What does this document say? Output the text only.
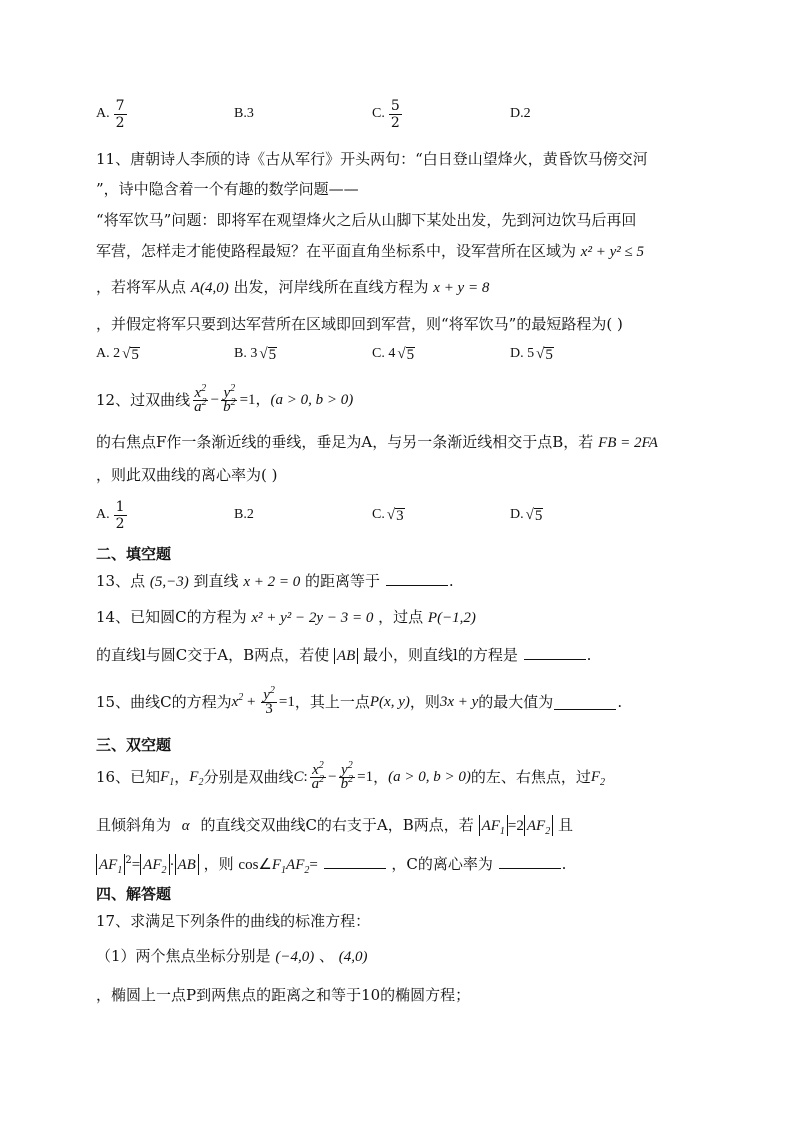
A. $\frac{7}{2}$	B.3	C. $\frac{5}{2}$	D.2
11、唐朝诗人李颀的诗《古从军行》开头两句：“白日登山望烽火，黄昏饮马傍交河
”，诗中隐含着一个有趣的数学问题——
“将军饮马”问题：即将军在观望烽火之后从山脚下某处出发，先到河边饮马后再回
军营，怎样走才能使路程最短？在平面直角坐标系中，设军营所在区域为 x² + y² ≤ 5
，若将军从点 A(4,0) 出发，河岸线所在直线方程为 x + y = 8
，并假定将军只要到达军营所在区域即回到军营，则“将军饮马”的最短路程为( )
A. 2 √ 5	B. 3 √ 5	C. 4 √ 5	D. 5 √ 5
12、过双曲线 $\frac{x^2}{a^2} - \frac{y^2}{b^2} =1$， (a > 0, b > 0)
的右焦点F作一条渐近线的垂线，垂足为A，与另一条渐近线相交于点B，若 FB = 2FA
，则此双曲线的离心率为( )
A. $\frac{1}{2}$	B.2	C. √ 3	D. √ 5
二、填空题
13、点 (5,−3) 到直线 x + 2 = 0 的距离等于	.
14、已知圆C的方程为 x² + y² − 2y − 3 = 0 ，过点 P(−1,2)
的直线l与圆C交于A，B两点，若使 AB 最小，则直线l的方程是	.
15、曲线C的方程为 $x^2 + \frac{y^2}{3} =1$ ，其上一点 P(x, y) ，则 3x + y 的最大值为	.
三、双空题
16、已知 $F_1$ ， $F_2$ 分别是双曲线 C : $\frac{x^2}{a^2} - \frac{y^2}{b^2} =1$ ， (a > 0, b > 0) 的左、右焦点，过 $F_2$
且倾斜角为 α 的直线交双曲线C的右支于A，B两点，若 $AF_1 =2$ $AF_2$ 且
$AF_1^2= AF_2$ · AB ，则 $\cos\angle F_1AF_2=$	，C的离心率为	.
四、解答题
17、求满足下列条件的曲线的标准方程：
（1）两个焦点坐标分别是 (−4,0) 、 (4,0)
，椭圆上一点P到两焦点的距离之和等于10的椭圆方程；
